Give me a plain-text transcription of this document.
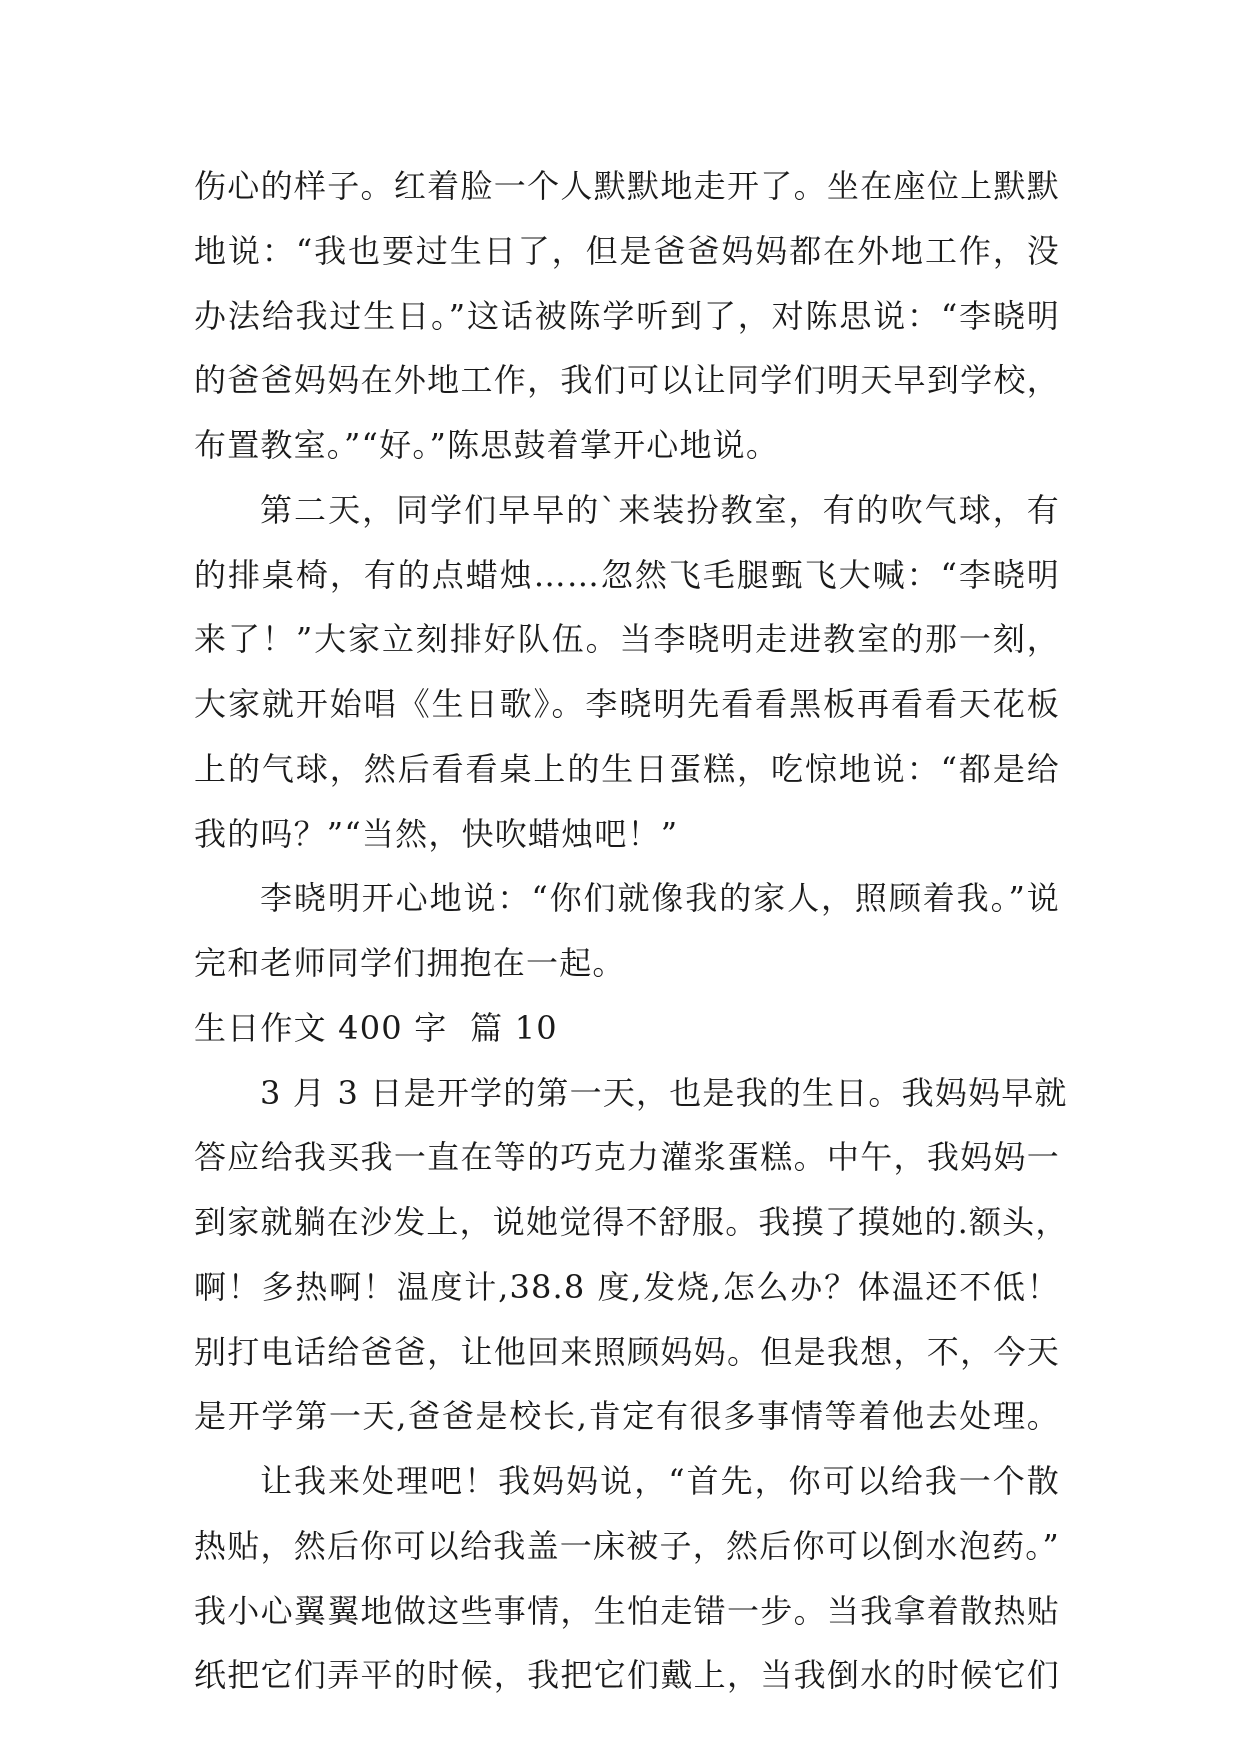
伤心的样子。红着脸一个人默默地走开了。坐在座位上默默
地说：“我也要过生日了，但是爸爸妈妈都在外地工作，没
办法给我过生日。”这话被陈学听到了，对陈思说：“李晓明
的爸爸妈妈在外地工作，我们可以让同学们明天早到学校，
布置教室。”“好。”陈思鼓着掌开心地说。
第二天，同学们早早的`来装扮教室，有的吹气球，有
的排桌椅，有的点蜡烛……忽然飞毛腿甄飞大喊：“李晓明
来了！”大家立刻排好队伍。当李晓明走进教室的那一刻，
大家就开始唱《生日歌》。李晓明先看看黑板再看看天花板
上的气球，然后看看桌上的生日蛋糕，吃惊地说：“都是给
我的吗？”“当然，快吹蜡烛吧！”
李晓明开心地说：“你们就像我的家人，照顾着我。”说
完和老师同学们拥抱在一起。
生日作文 400 字  篇 10
3 月 3 日是开学的第一天，也是我的生日。我妈妈早就
答应给我买我一直在等的巧克力灌浆蛋糕。中午，我妈妈一
到家就躺在沙发上，说她觉得不舒服。我摸了摸她的.额头，
啊！多热啊！温度计,38.8 度,发烧,怎么办？体温还不低！
别打电话给爸爸，让他回来照顾妈妈。但是我想，不，今天
是开学第一天,爸爸是校长,肯定有很多事情等着他去处理。
让我来处理吧！我妈妈说，“首先，你可以给我一个散
热贴，然后你可以给我盖一床被子，然后你可以倒水泡药。”
我小心翼翼地做这些事情，生怕走错一步。当我拿着散热贴
纸把它们弄平的时候，我把它们戴上，当我倒水的时候它们
